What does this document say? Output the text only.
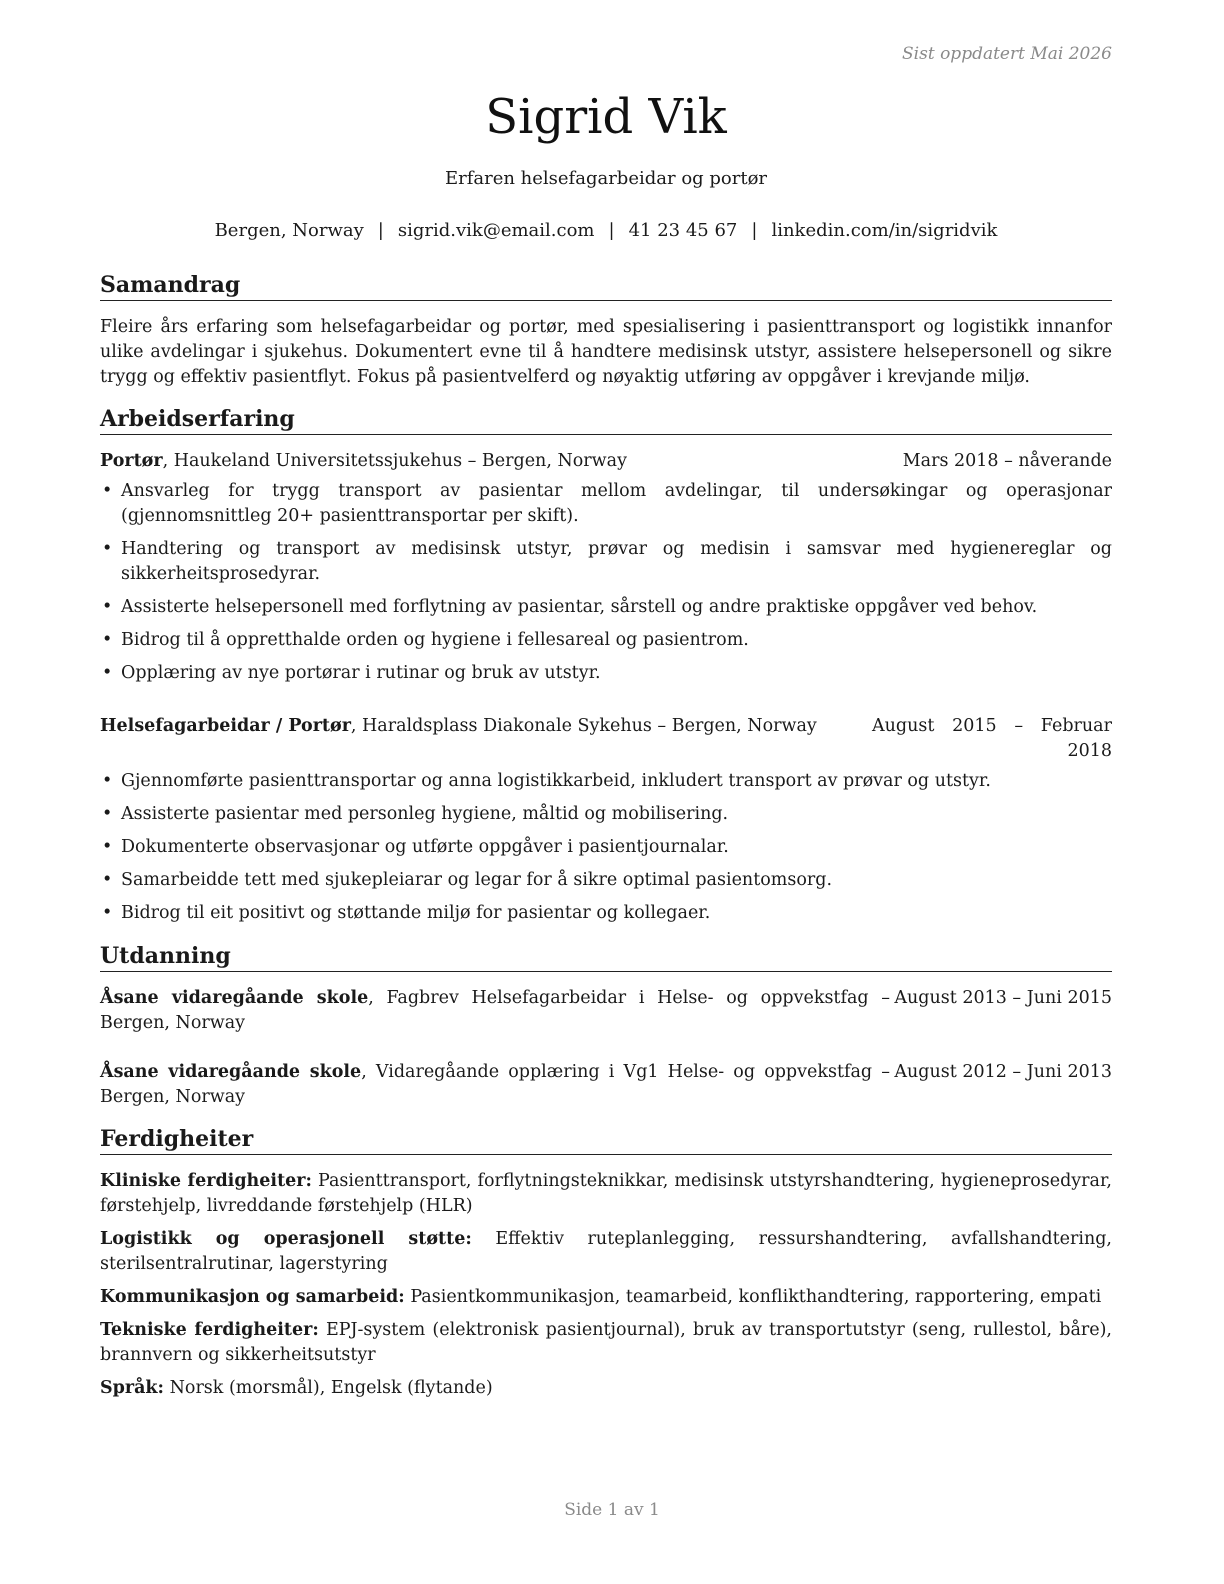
Sist oppdatert Mai 2026
Sigrid Vik
Erfaren helsefagarbeidar og portør
Bergen, Norway | sigrid.vik@email.com | 41 23 45 67 | linkedin.com/in/sigridvik
Samandrag

Fleire års erfaring som helsefagarbeidar og portør, med spesialisering i pasienttransport og logistikk innanfor ulike avdelingar i sjukehus. Dokumentert evne til å handtere medisinsk utstyr, assistere helsepersonell og sikre trygg og effektiv pasientflyt. Fokus på pasientvelferd og nøyaktig utføring av oppgåver i krevjande miljø.

Arbeidserfaring
Portør, Haukeland Universitetssjukehus – Bergen, Norway	Mars 2018 – nåverande
• Ansvarleg for trygg transport av pasientar mellom avdelingar, til undersøkingar og operasjonar (gjennomsnittleg 20+ pasienttransportar per skift).
• Handtering og transport av medisinsk utstyr, prøvar og medisin i samsvar med hygienereglar og sikkerheitsprosedyrar.
• Assisterte helsepersonell med forflytning av pasientar, sårstell og andre praktiske oppgåver ved behov.
• Bidrog til å oppretthalde orden og hygiene i fellesareal og pasientrom.
• Opplæring av nye portørar i rutinar og bruk av utstyr.
Helsefagarbeidar / Portør, Haraldsplass Diakonale Sykehus – Bergen, Norway	August 2015 – Februar 2018
• Gjennomførte pasienttransportar og anna logistikkarbeid, inkludert transport av prøvar og utstyr.
• Assisterte pasientar med personleg hygiene, måltid og mobilisering.
• Dokumenterte observasjonar og utførte oppgåver i pasientjournalar.
• Samarbeidde tett med sjukepleiarar og legar for å sikre optimal pasientomsorg.
• Bidrog til eit positivt og støttande miljø for pasientar og kollegaer.
Utdanning
Åsane vidaregåande skole, Fagbrev Helsefagarbeidar i Helse- og oppvekstfag – Bergen, Norway
August 2013 – Juni 2015
Åsane vidaregåande skole, Vidaregåande opplæring i Vg1 Helse- og oppvekstfag – Bergen, Norway
August 2012 – Juni 2013
Ferdigheiter

Kliniske ferdigheiter: Pasienttransport, forflytningsteknikkar, medisinsk utstyrshandtering, hygieneprosedyrar, førstehjelp, livreddande førstehjelp (HLR)

Logistikk og operasjonell støtte: Effektiv ruteplanlegging, ressurshandtering, avfallshandtering, sterilsentralrutinar, lagerstyring

Kommunikasjon og samarbeid: Pasientkommunikasjon, teamarbeid, konflikthandtering, rapportering, empati

Tekniske ferdigheiter: EPJ-system (elektronisk pasientjournal), bruk av transportutstyr (seng, rullestol, båre), brannvern og sikkerheitsutstyr

Språk: Norsk (morsmål), Engelsk (flytande)

Side 1 av 1
